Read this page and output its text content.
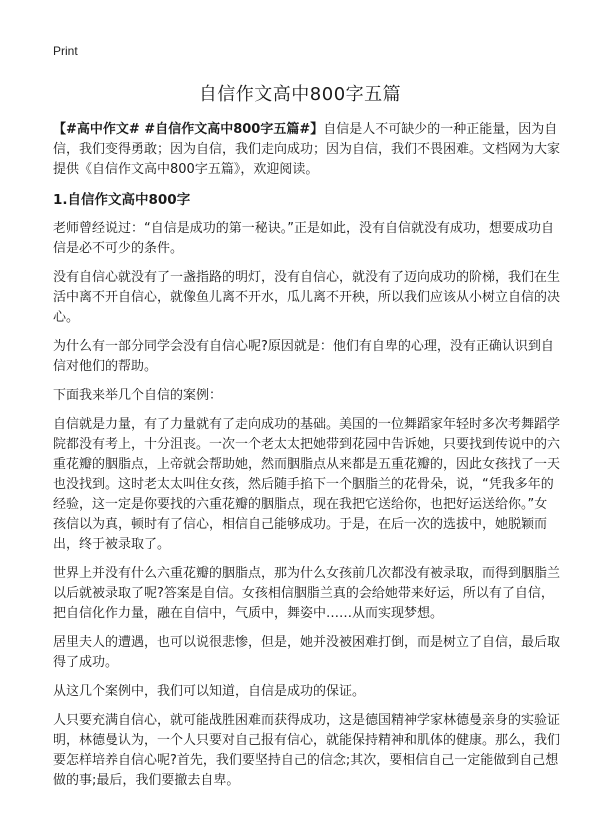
Print
自信作文高中800字五篇

【#高中作文# #自信作文高中800字五篇#】自信是人不可缺少的一种正能量，因为自信，我们变得勇敢；因为自信，我们走向成功；因为自信，我们不畏困难。文档网为大家提供《自信作文高中800字五篇》，欢迎阅读。

1.自信作文高中800字

老师曾经说过：“自信是成功的第一秘诀。”正是如此，没有自信就没有成功，想要成功自信是必不可少的条件。

没有自信心就没有了一盏指路的明灯，没有自信心，就没有了迈向成功的阶梯，我们在生活中离不开自信心，就像鱼儿离不开水，瓜儿离不开秧，所以我们应该从小树立自信的决心。

为什么有一部分同学会没有自信心呢?原因就是：他们有自卑的心理，没有正确认识到自信对他们的帮助。

下面我来举几个自信的案例：

自信就是力量，有了力量就有了走向成功的基础。美国的一位舞蹈家年轻时多次考舞蹈学院都没有考上，十分沮丧。一次一个老太太把她带到花园中告诉她，只要找到传说中的六重花瓣的胭脂点，上帝就会帮助她，然而胭脂点从来都是五重花瓣的，因此女孩找了一天也没找到。这时老太太叫住女孩，然后随手掐下一个胭脂兰的花骨朵，说，“凭我多年的经验，这一定是你要找的六重花瓣的胭脂点，现在我把它送给你，也把好运送给你。”女孩信以为真，顿时有了信心，相信自己能够成功。于是，在后一次的选拔中，她脱颖而出，终于被录取了。

世界上并没有什么六重花瓣的胭脂点，那为什么女孩前几次都没有被录取，而得到胭脂兰以后就被录取了呢?答案是自信。女孩相信胭脂兰真的会给她带来好运，所以有了自信，把自信化作力量，融在自信中，气质中，舞姿中……从而实现梦想。

居里夫人的遭遇，也可以说很悲惨，但是，她并没被困难打倒，而是树立了自信，最后取得了成功。

从这几个案例中，我们可以知道，自信是成功的保证。

人只要充满自信心，就可能战胜困难而获得成功，这是德国精神学家林德曼亲身的实验证明，林德曼认为，一个人只要对自己报有信心，就能保持精神和肌体的健康。那么，我们要怎样培养自信心呢?首先，我们要坚持自己的信念;其次，要相信自己一定能做到自己想做的事;最后，我们要撤去自卑。
